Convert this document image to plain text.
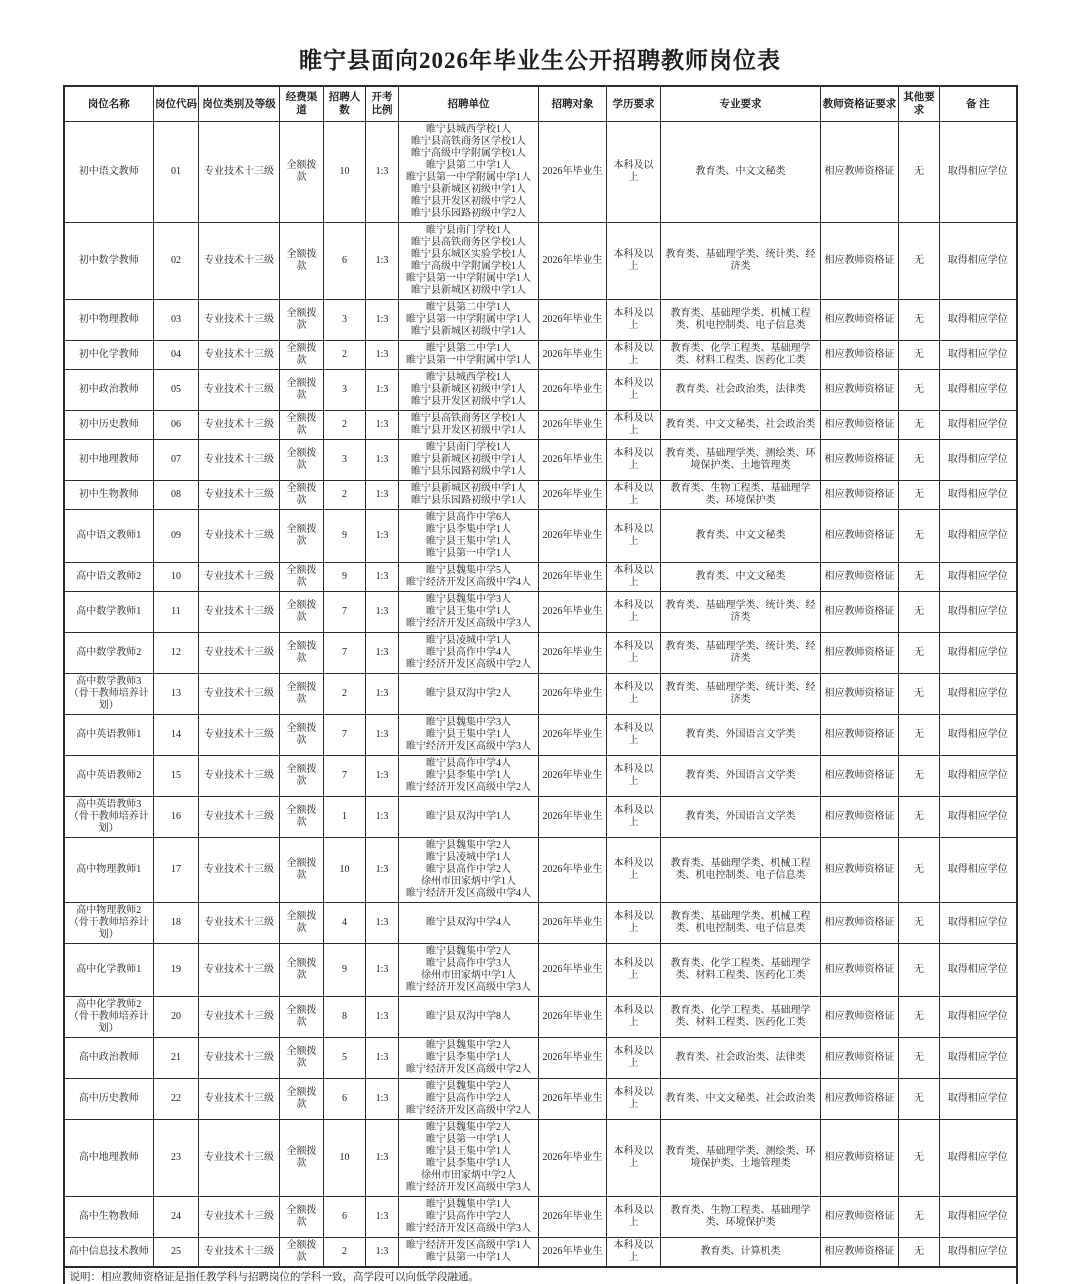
睢宁县面向2026年毕业生公开招聘教师岗位表
岗位名称	岗位代码	岗位类别及等级	经费渠道	招聘人数	开考比例	招聘单位	招聘对象	学历要求	专业要求	教师资格证要求	其他要求	备 注
初中语文教师	01	专业技术十三级	全额拨款	10	1:3	
睢宁县城西学校1人
睢宁县高铁商务区学校1人
睢宁高级中学附属学校1人
睢宁县第二中学1人
睢宁县第一中学附属中学1人
睢宁县新城区初级中学1人
睢宁县开发区初级中学2人
睢宁县乐园路初级中学2人
	2026年毕业生	本科及以上	教育类、中文文秘类	相应教师资格证	无	取得相应学位
初中数学教师	02	专业技术十三级	全额拨款	6	1:3	
睢宁县南门学校1人
睢宁县高铁商务区学校1人
睢宁县东城区实验学校1人
睢宁高级中学附属学校1人
睢宁县第一中学附属中学1人
睢宁县新城区初级中学1人
	2026年毕业生	本科及以上	教育类、基础理学类、统计类、经济类	相应教师资格证	无	取得相应学位
初中物理教师	03	专业技术十三级	全额拨款	3	1:3	睢宁县第二中学1人
睢宁县第一中学附属中学1人
睢宁县新城区初级中学1人	2026年毕业生	本科及以上	教育类、基础理学类、机械工程类、机电控制类、电子信息类	相应教师资格证	无	取得相应学位
初中化学教师	04	专业技术十三级	全额拨款	2	1:3	睢宁县第二中学1人
睢宁县第一中学附属中学1人	2026年毕业生	本科及以上	教育类、化学工程类、基础理学类、材料工程类、医药化工类	相应教师资格证	无	取得相应学位
初中政治教师	05	专业技术十三级	全额拨款	3	1:3	睢宁县城西学校1人
睢宁县新城区初级中学1人
睢宁县开发区初级中学1人	2026年毕业生	本科及以上	教育类、社会政治类，法律类	相应教师资格证	无	取得相应学位
初中历史教师	06	专业技术十三级	全额拨款	2	1:3	睢宁县高铁商务区学校1人
睢宁县开发区初级中学1人	2026年毕业生	本科及以上	教育类、中文文秘类、社会政治类	相应教师资格证	无	取得相应学位
初中地理教师	07	专业技术十三级	全额拨款	3	1:3	睢宁县南门学校1人
睢宁县新城区初级中学1人
睢宁县乐园路初级中学1人	2026年毕业生	本科及以上	教育类、基础理学类、测绘类、环境保护类、土地管理类	相应教师资格证	无	取得相应学位
初中生物教师	08	专业技术十三级	全额拨款	2	1:3	睢宁县新城区初级中学1人
睢宁县乐园路初级中学1人	2026年毕业生	本科及以上	教育类、生物工程类、基础理学类、环境保护类	相应教师资格证	无	取得相应学位
高中语文教师1	09	专业技术十三级	全额拨款	9	1:3	睢宁县高作中学6人
睢宁县李集中学1人
睢宁县王集中学1人
睢宁县第一中学1人	2026年毕业生	本科及以上	教育类、中文文秘类	相应教师资格证	无	取得相应学位
高中语文教师2	10	专业技术十三级	全额拨款	9	1:3	睢宁县魏集中学5人
睢宁经济开发区高级中学4人	2026年毕业生	本科及以上	教育类、中文文秘类	相应教师资格证	无	取得相应学位
高中数学教师1	11	专业技术十三级	全额拨款	7	1:3	睢宁县魏集中学3人
睢宁县王集中学1人
睢宁经济开发区高级中学3人	2026年毕业生	本科及以上	教育类、基础理学类、统计类、经济类	相应教师资格证	无	取得相应学位
高中数学教师2	12	专业技术十三级	全额拨款	7	1:3	睢宁县凌城中学1人
睢宁县高作中学4人
睢宁经济开发区高级中学2人	2026年毕业生	本科及以上	教育类、基础理学类、统计类、经济类	相应教师资格证	无	取得相应学位
高中数学教师3（骨干教师培养计划）	13	专业技术十三级	全额拨款	2	1:3	睢宁县双沟中学2人	2026年毕业生	本科及以上	教育类、基础理学类、统计类、经济类	相应教师资格证	无	取得相应学位
高中英语教师1	14	专业技术十三级	全额拨款	7	1:3	睢宁县魏集中学3人
睢宁县王集中学1人
睢宁经济开发区高级中学3人	2026年毕业生	本科及以上	教育类、外国语言文学类	相应教师资格证	无	取得相应学位
高中英语教师2	15	专业技术十三级	全额拨款	7	1:3	睢宁县高作中学4人
睢宁县李集中学1人
睢宁经济开发区高级中学2人	2026年毕业生	本科及以上	教育类、外国语言文学类	相应教师资格证	无	取得相应学位
高中英语教师3（骨干教师培养计划）	16	专业技术十三级	全额拨款	1	1:3	睢宁县双沟中学1人	2026年毕业生	本科及以上	教育类、外国语言文学类	相应教师资格证	无	取得相应学位
高中物理教师1	17	专业技术十三级	全额拨款	10	1:3	睢宁县魏集中学2人
睢宁县凌城中学1人
睢宁县高作中学2人
徐州市田家炳中学1人
睢宁经济开发区高级中学4人	2026年毕业生	本科及以上	教育类、基础理学类、机械工程类、机电控制类、电子信息类	相应教师资格证	无	取得相应学位
高中物理教师2（骨干教师培养计划）	18	专业技术十三级	全额拨款	4	1:3	睢宁县双沟中学4人	2026年毕业生	本科及以上	教育类、基础理学类、机械工程类、机电控制类、电子信息类	相应教师资格证	无	取得相应学位
高中化学教师1	19	专业技术十三级	全额拨款	9	1:3	睢宁县魏集中学2人
睢宁县高作中学3人
徐州市田家炳中学1人
睢宁经济开发区高级中学3人	2026年毕业生	本科及以上	教育类、化学工程类、基础理学类、材料工程类、医药化工类	相应教师资格证	无	取得相应学位
高中化学教师2（骨干教师培养计划）	20	专业技术十三级	全额拨款	8	1:3	睢宁县双沟中学8人	2026年毕业生	本科及以上	教育类、化学工程类、基础理学类、材料工程类、医药化工类	相应教师资格证	无	取得相应学位
高中政治教师	21	专业技术十三级	全额拨款	5	1:3	睢宁县魏集中学2人
睢宁县李集中学1人
睢宁经济开发区高级中学2人	2026年毕业生	本科及以上	教育类、社会政治类、法律类	相应教师资格证	无	取得相应学位
高中历史教师	22	专业技术十三级	全额拨款	6	1:3	睢宁县魏集中学2人
睢宁县高作中学2人
睢宁经济开发区高级中学2人	2026年毕业生	本科及以上	教育类、中文文秘类、社会政治类	相应教师资格证	无	取得相应学位
高中地理教师	23	专业技术十三级	全额拨款	10	1:3	
睢宁县魏集中学2人
睢宁县第一中学1人
睢宁县王集中学1人
睢宁县李集中学1人
徐州市田家炳中学2人
睢宁经济开发区高级中学3人
	2026年毕业生	本科及以上	教育类、基础理学类、测绘类、环境保护类、土地管理类	相应教师资格证	无	取得相应学位
高中生物教师	24	专业技术十三级	全额拨款	6	1:3	睢宁县魏集中学1人
睢宁县高作中学2人
睢宁经济开发区高级中学3人	2026年毕业生	本科及以上	教育类、生物工程类、基础理学类、环境保护类	相应教师资格证	无	取得相应学位
高中信息技术教师	25	专业技术十三级	全额拨款	2	1:3	睢宁经济开发区高级中学1人
睢宁县第一中学1人	2026年毕业生	本科及以上	教育类、计算机类	相应教师资格证	无	取得相应学位
说明：相应教师资格证是指任教学科与招聘岗位的学科一致，高学段可以向低学段融通。												
